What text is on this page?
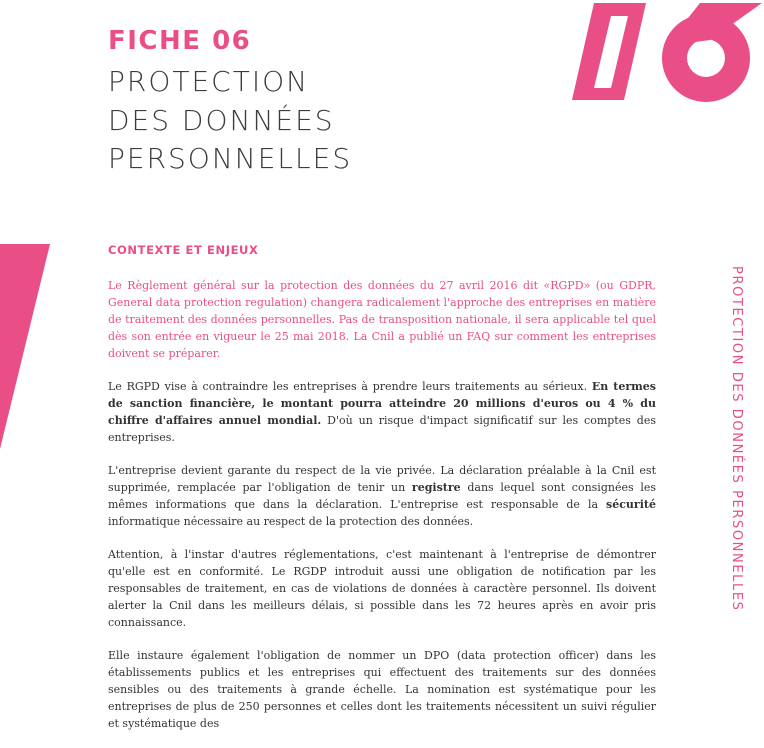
FICHE 06
PROTECTION
DES DONNÉES
PERSONNELLES
CONTEXTE ET ENJEUX

Le Règlement général sur la protection des données du 27 avril 2016 dit «RGPD» (ou GDPR, General data protection regulation) changera radicalement l'approche des entreprises en matière de traitement des données personnelles. Pas de transposition nationale, il sera applicable tel quel dès son entrée en vigueur le 25 mai 2018. La Cnil a publié un FAQ sur comment les entreprises doivent se préparer.

Le RGPD vise à contraindre les entreprises à prendre leurs traitements au sérieux. En termes de sanction financière, le montant pourra atteindre 20 millions d'euros ou 4 % du chiffre d'affaires annuel mondial. D'où un risque d'impact significatif sur les comptes des entreprises.

L'entreprise devient garante du respect de la vie privée. La déclaration préalable à la Cnil est supprimée, remplacée par l'obligation de tenir un registre dans lequel sont consignées les mêmes informations que dans la déclaration. L'entreprise est responsable de la sécurité informatique nécessaire au respect de la protection des données.

Attention, à l'instar d'autres réglementations, c'est maintenant à l'entreprise de démontrer qu'elle est en conformité. Le RGDP introduit aussi une obligation de notification par les responsables de traitement, en cas de violations de données à caractère personnel. Ils doivent alerter la Cnil dans les meilleurs délais, si possible dans les 72 heures après en avoir pris connaissance.

Elle instaure également l'obligation de nommer un DPO (data protection officer) dans les établissements publics et les entreprises qui effectuent des traitements sur des données sensibles ou des traitements à grande échelle. La nomination est systématique pour les entreprises de plus de 250 personnes et celles dont les traitements nécessitent un suivi régulier et systématique des

PROTECTION DES DONNÉES PERSONNELLES
